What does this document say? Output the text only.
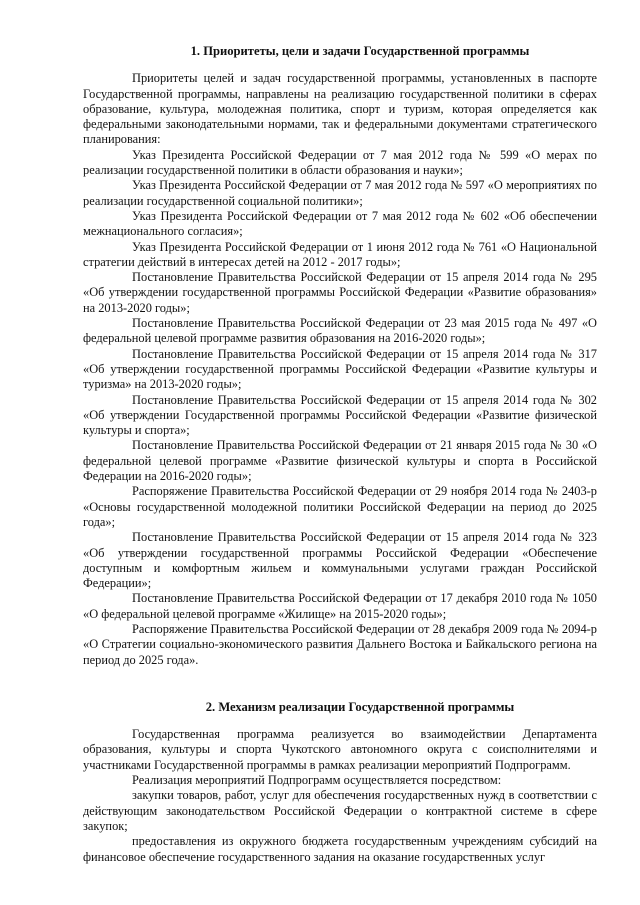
1. Приоритеты, цели и задачи Государственной программы

Приоритеты целей и задач государственной программы, установленных в паспорте Государственной программы, направлены на реализацию государственной политики в сферах образование, культура, молодежная политика, спорт и туризм, которая определяется как федеральными законодательными нормами, так и федеральными документами стратегического планирования:

Указ Президента Российской Федерации от 7 мая 2012 года № 599 «О мерах по реализации государственной политики в области образования и науки»;

Указ Президента Российской Федерации от 7 мая 2012 года № 597 «О мероприятиях по реализации государственной социальной политики»;

Указ Президента Российской Федерации от 7 мая 2012 года № 602 «Об обеспечении межнационального согласия»;

Указ Президента Российской Федерации от 1 июня 2012 года № 761 «О Национальной стратегии действий в интересах детей на 2012 - 2017 годы»;

Постановление Правительства Российской Федерации от 15 апреля 2014 года № 295 «Об утверждении государственной программы Российской Федерации «Развитие образования» на 2013-2020 годы»;

Постановление Правительства Российской Федерации от 23 мая 2015 года № 497 «О федеральной целевой программе развития образования на 2016-2020 годы»;

Постановление Правительства Российской Федерации от 15 апреля 2014 года № 317 «Об утверждении государственной программы Российской Федерации «Развитие культуры и туризма» на 2013-2020 годы»;

Постановление Правительства Российской Федерации от 15 апреля 2014 года № 302 «Об утверждении Государственной программы Российской Федерации «Развитие физической культуры и спорта»;

Постановление Правительства Российской Федерации от 21 января 2015 года № 30 «О федеральной целевой программе «Развитие физической культуры и спорта в Российской Федерации на 2016-2020 годы»;

Распоряжение Правительства Российской Федерации от 29 ноября 2014 года № 2403-р «Основы государственной молодежной политики Российской Федерации на период до 2025 года»;

Постановление Правительства Российской Федерации от 15 апреля 2014 года № 323 «Об утверждении государственной программы Российской Федерации «Обеспечение доступным и комфортным жильем и коммунальными услугами граждан Российской Федерации»;

Постановление Правительства Российской Федерации от 17 декабря 2010 года № 1050 «О федеральной целевой программе «Жилище» на 2015-2020 годы»;

Распоряжение Правительства Российской Федерации от 28 декабря 2009 года № 2094-р «О Стратегии социально-экономического развития Дальнего Востока и Байкальского региона на период до 2025 года».

2. Механизм реализации Государственной программы

Государственная программа реализуется во взаимодействии Департамента образования, культуры и спорта Чукотского автономного округа с соисполнителями и участниками Государственной программы в рамках реализации мероприятий Подпрограмм.

Реализация мероприятий Подпрограмм осуществляется посредством:

закупки товаров, работ, услуг для обеспечения государственных нужд в соответствии с действующим законодательством Российской Федерации о контрактной системе в сфере закупок;

предоставления из окружного бюджета государственным учреждениям субсидий на финансовое обеспечение государственного задания на оказание государственных услуг
